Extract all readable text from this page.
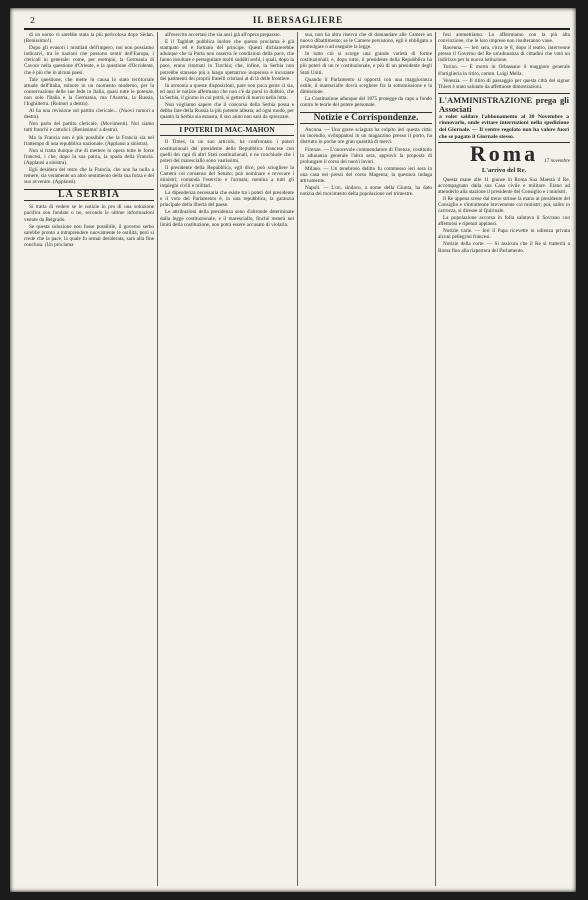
2	IL BERSAGLIERE

di un uomo vi sarebbe stata la più pericolosa dopo Sèdan. (Benissimo!).

Dopo gli evasori i mistilati dell'impero, noi non possiamo indicarvi, tra le nazioni che possono sentir dell'Europa, i clericali in generale: come, per esempio, la Germania di Cavour nella questione d'Oriente, e la questione d'Occidente, che è più che in alcuni paesi.

Tale questione, che mette in causa lo stato territoriale attuale dell'Italia, minore in un momento moderno, per la conservazione delle sue fede in Italia, quasi tutte le potenze, non solo l'Italia e la Germania, ma l'Austria, la Russia, l'Inghilterra. (Rumori a destra).

Al ha una revisione sul partito clericale... (Nuovi rumori a destra).

Non parlo del partito clericale. (Movimenti). Noi siamo tutti franchi e cattolici. (Benissimo! a destra).

Ma la Francia non è più possibile che la Francia sia nel frattempo di una repubblica nazionale. (Applausi a sinistra).

Non si tratta dunque che di mettere in opera tutte le forze francesi, i che, dopo la sua patria, la spada della Francia. (Applausi a sinistra).

Egli desidera del resto che la Francia, che non ha nulla a temere, sia veramente un altro sentimento della sua forza e del suo avvenire. (Applausi).

LA SERBIA

Si tratta di vedere se le notizie in pro di una soluzione pacifica son fondate o no, secondo le ultime informazioni venute da Belgrado.

Se questa soluzione non fosse possibile, il governo serbo sarebbe pronto a intraprendere nuovamente le ostilità; però si crede che la pace, la quale fu ormai desiderata, sarà alla fine conclusa. (Un proclama

all'esercito accertasi che sia anzi già all'opera preparato.

E il Tagblatt pubblica inoltre che questo proclama è già stampato ed è formato del principe. Questi dichiarerebbe adunque che la Porta non osserva le condizioni della pace, che fanno insultare e perseguitare molti sudditi serbi, i quali, dopo la pace, erano ritornati in Turchia; che, infine, la Serbia non potrebbe starsene più a lungo spettatrice inoperosa e incurante dei patimenti dei proprii fratelli cristiani al di là delle frontiere.

In armonia a queste disposizioni, pare non poca gente ci sia, ed anzi le notizie affermano che non c'è da porsi in dubbio, che la Serbia, il giorno in cui potrà, si getterà di nuovo nella lotta.

Non vogliamo sapere che il concorso della Serbia possa e debba fare della Russia la più potente alleata; ad ogni modo, per quanto la Serbia sia esausta, il suo aiuto non sarà da sprezzare.

I POTERI DI MAC-MAHON

Il Times, in un suo articolo, ha confrontato i poteri costituzionali del presidente della Repubblica francese con quelli dei capi di altri Stati costituzionali, e ne conchiude che i poteri del maresciallo sono vastissimi.

Il presidente della Repubblica, egli dice, può sciogliere la Camera col consenso del Senato; può nominare e revocare i ministri; comanda l'esercito e l'armata; nomina a tutti gli impieghi civili e militari.

La dipendenza necessaria che esiste tra i poteri del presidente e il voto del Parlamento è, in una repubblica, la garanzia principale della libertà del paese.

Le attribuzioni della presidenza sono d'altronde determinate dalla legge costituzionale, e il maresciallo, finché resterà nei limiti della costituzione, non potrà essere accusato di violarla.

sua, non ha altra riserva che di domandare alle Camere un nuovo dibattimento; se le Camere persistono, egli è obbligato a promulgare o ad eseguire la legge.

In tutto ciò si scorge una grande varietà di forme costituzionali; e, dopo tutto, il presidente della Repubblica ha più poteri di un re costituzionale, e più di un presidente degli Stati Uniti.

Quando il Parlamento si opporrà con una maggioranza ostile, il maresciallo dovrà scegliere fra la sottomissione e la dimissione.

La Costituzione adunque del 1875 protegge da capo a fondo contro le teorie del potere personale.

Notizie e Corrispondenze.

Ancona. — Una grave sciagura ha colpito ieri questa città: un incendio, sviluppatosi in un magazzino presso il porto, ha distrutto in poche ore gran quantità di merci.

Firenze. — L'onorevole commendatore di Firenze, costituito in adunanza generale l'altra sera, approvò la proposta di prolungare il corso dei nuovi lavori.

Milano. — Un tenebroso delitto fu commesso ieri sera in una casa nei pressi del corso Magenta; la questura indaga attivamente.

Napoli. — L'on. sindaco, a nome della Giunta, ha dato notizia del movimento della popolazione nel trimestre.

fosi ammettiamo. Lo affermiamo con la più alta convinzione, che le loro imprese non risulteranno vane.

Ravenna. — Ieri sera, circa le 8, dopo il teatro, intervenne presso il Governo del Re un'adunanza di cittadini che votò un indirizzo per la nuova istituzione.

Torino. — E morto in Orbassano il maggiore generale d'artiglieria in ritiro, comm. Luigi Mella.

Venezia. — Il ritiro di passaggio per questa città del signor Thiers è stato salutato da affettuose dimostrazioni.

L'AMMINISTRAZIONE prega gli Associati
a voler saldare l'abbonamento al 30 Novembre a rinnovarlo, onde evitare interruzioni nella spedizione del Giornale. — Il ventre regolato non ha valore fuori che se pagato il Giornale stesso.
Roma	17 novembre
L'arrivo del Re.

Questa mane alle 11 giunse in Roma Sua Maestà il Re, accompagnato dalla sua Casa civile e militare. Erano ad attenderlo alla stazione il presidente del Consiglio e i ministri.

Il Re appena scese dal treno strinse la mano al presidente del Consiglio e s'intrattenne brevemente coi ministri; poi, salito in carrozza, si diresse al Quirinale.

La popolazione accorsa in folla salutava il Sovrano con affettuosi e ripetuti applausi.

Notizie varie. — Ieri il Papa ricevette in udienza privata alcuni pellegrini francesi.

Notizie della corte. — Si assicura che il Re si tratterrà a Roma fino alla riapertura del Parlamento.
